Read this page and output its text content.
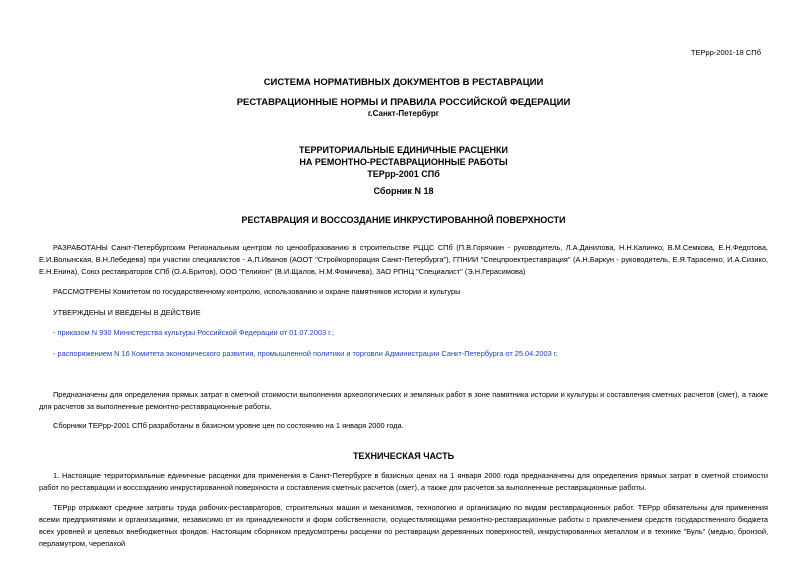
ТЕРрр-2001-18 СПб
СИСТЕМА НОРМАТИВНЫХ ДОКУМЕНТОВ В РЕСТАВРАЦИИ
РЕСТАВРАЦИОННЫЕ НОРМЫ И ПРАВИЛА РОССИЙСКОЙ ФЕДЕРАЦИИ
г.Санкт-Петербург
ТЕРРИТОРИАЛЬНЫЕ ЕДИНИЧНЫЕ РАСЦЕНКИ
НА РЕМОНТНО-РЕСТАВРАЦИОННЫЕ РАБОТЫ
ТЕРрр-2001 СПб
Сборник N 18
РЕСТАВРАЦИЯ И ВОССОЗДАНИЕ ИНКРУСТИРОВАННОЙ ПОВЕРХНОСТИ
РАЗРАБОТАНЫ Санкт-Петербургским Региональным центром по ценообразованию в строительстве РЦЦС СПб (П.В.Горячкин - руководитель, Л.А.Данилова, Н.Н.Калинко, В.М.Семкова, Е.Н.Федотова, Е.И.Волынская, В.Н.Лебедева) при участии специалистов - А.П.Иванов (АООТ "Стройкорпорация Санкт-Петербурга"), ГПНИИ "Спецпроектреставрация" (А.Н.Баркун - руководитель, Е.Я.Тарасенко, И.А.Сизико, Е.Н.Енина), Союз реставраторов СПб (О.А.Бритов), ООО "Гелиион" (В.И.Щалов, Н.М.Фомичева), ЗАО РПНЦ "Специалист" (Э.Н.Герасимова)
РАССМОТРЕНЫ Комитетом по государственному контролю, использованию и охране памятников истории и культуры
УТВЕРЖДЕНЫ И ВВЕДЕНЫ В ДЕЙСТВИЕ
- приказом N 930 Министерства культуры Российской Федерации от 01.07.2003 г.;
- распоряжением N 16 Комитета экономического развития, промышленной политики и торговли Администрации Санкт-Петербурга от 25.04.2003 г.
Предназначены для определения прямых затрат в сметной стоимости выполнения археологических и земляных работ в зоне памятника истории и культуры и составления сметных расчетов (смет), а также для расчетов за выполненные ремонтно-реставрационные работы.
Сборники ТЕРрр-2001 СПб разработаны в базисном уровне цен по состоянию на 1 января 2000 года.
ТЕХНИЧЕСКАЯ ЧАСТЬ
1. Настоящие территориальные единичные расценки для применения в Санкт-Петербурге в базисных ценах на 1 января 2000 года предназначены для определения прямых затрат в сметной стоимости работ по реставрации и воссозданию инкрустированной поверхности и составления сметных расчетов (смет), а также для расчетов за выполненные реставрационные работы.
ТЕРрр отражают средние затраты труда рабочих-реставраторов, строительных машин и механизмов, технологию и организацию по видам реставрационных работ. ТЕРрр обязательны для применения всеми предприятиями и организациями, независимо от их принадлежности и форм собственности, осуществляющими ремонтно-реставрационные работы с привлечением средств государственного бюджета всех уровней и целевых внебюджетных фондов. Настоящим сборником предусмотрены расценки по реставрации деревянных поверхностей, инкрустированных металлом и в технике "Буль" (медью, бронзой, перламутром, черепахой
